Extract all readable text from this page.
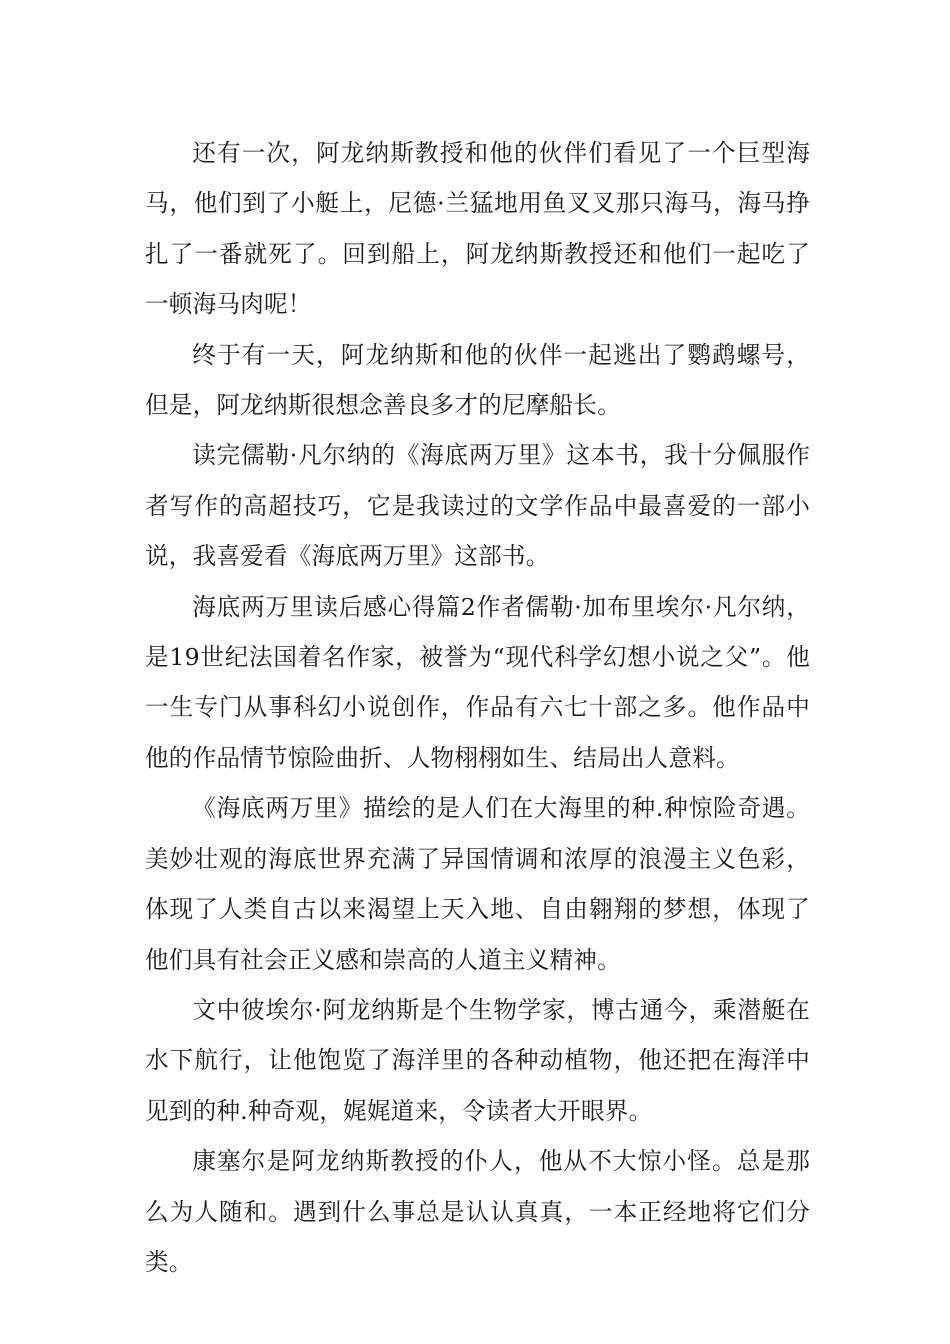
还有一次，阿龙纳斯教授和他的伙伴们看见了一个巨型海马，他们到了小艇上，尼德·兰猛地用鱼叉叉那只海马，海马挣扎了一番就死了。回到船上，阿龙纳斯教授还和他们一起吃了一顿海马肉呢！

终于有一天，阿龙纳斯和他的伙伴一起逃出了鹦鹉螺号，但是，阿龙纳斯很想念善良多才的尼摩船长。

读完儒勒·凡尔纳的《海底两万里》这本书，我十分佩服作者写作的高超技巧，它是我读过的文学作品中最喜爱的一部小说，我喜爱看《海底两万里》这部书。

海底两万里读后感心得篇2作者儒勒·加布里埃尔·凡尔纳，是19世纪法国着名作家，被誉为“现代科学幻想小说之父”。他一生专门从事科幻小说创作，作品有六七十部之多。他作品中他的作品情节惊险曲折、人物栩栩如生、结局出人意料。

《海底两万里》描绘的是人们在大海里的种.种惊险奇遇。美妙壮观的海底世界充满了异国情调和浓厚的浪漫主义色彩，体现了人类自古以来渴望上天入地、自由翱翔的梦想，体现了他们具有社会正义感和崇高的人道主义精神。

文中彼埃尔·阿龙纳斯是个生物学家，博古通今，乘潜艇在水下航行，让他饱览了海洋里的各种动植物，他还把在海洋中见到的种.种奇观，娓娓道来，令读者大开眼界。

康塞尔是阿龙纳斯教授的仆人，他从不大惊小怪。总是那么为人随和。遇到什么事总是认认真真，一本正经地将它们分类。
